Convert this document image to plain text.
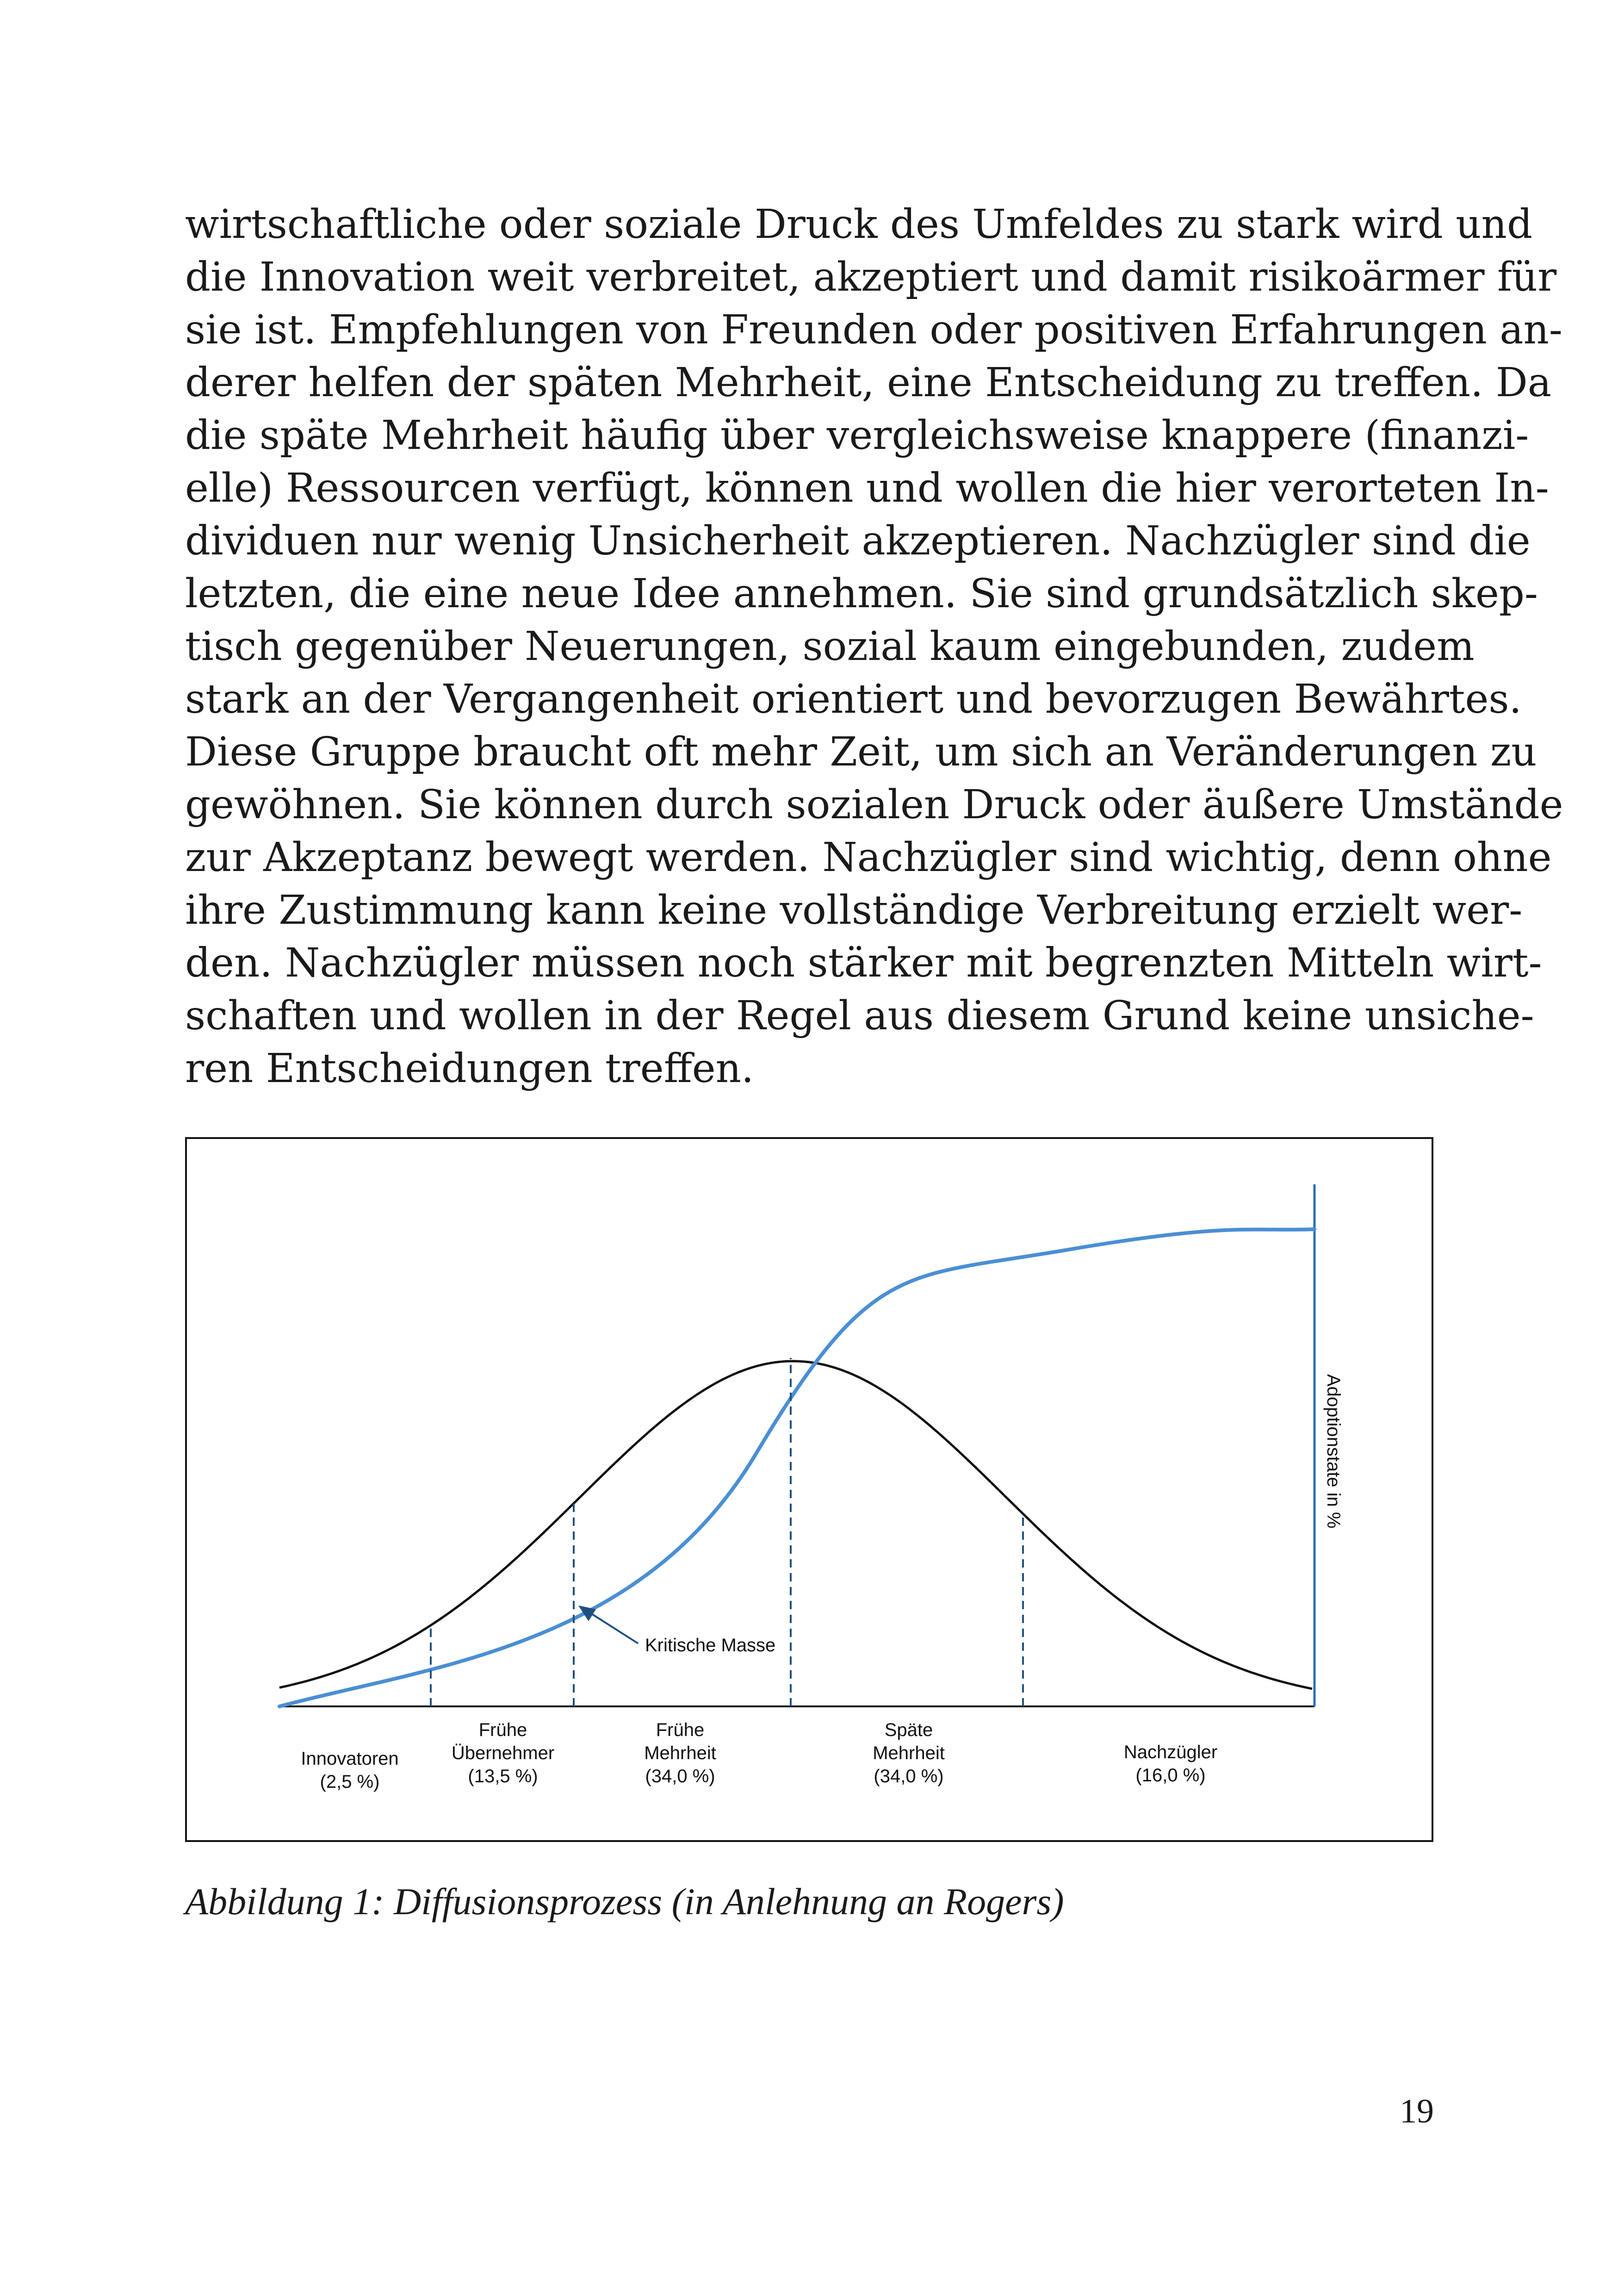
wirtschaftliche oder soziale Druck des Umfeldes zu stark wird und
die Innovation weit verbreitet, akzeptiert und damit risikoärmer für
sie ist. Empfehlungen von Freunden oder positiven Erfahrungen an-
derer helfen der späten Mehrheit, eine Entscheidung zu treffen. Da
die späte Mehrheit häufig über vergleichsweise knappere (finanzi-
elle) Ressourcen verfügt, können und wollen die hier verorteten In-
dividuen nur wenig Unsicherheit akzeptieren. Nachzügler sind die
letzten, die eine neue Idee annehmen. Sie sind grundsätzlich skep-
tisch gegenüber Neuerungen, sozial kaum eingebunden, zudem
stark an der Vergangenheit orientiert und bevorzugen Bewährtes.
Diese Gruppe braucht oft mehr Zeit, um sich an Veränderungen zu
gewöhnen. Sie können durch sozialen Druck oder äußere Umstände
zur Akzeptanz bewegt werden. Nachzügler sind wichtig, denn ohne
ihre Zustimmung kann keine vollständige Verbreitung erzielt wer-
den. Nachzügler müssen noch stärker mit begrenzten Mitteln wirt-
schaften und wollen in der Regel aus diesem Grund keine unsiche-
ren Entscheidungen treffen.
Kritische Masse
Adoptionstate in %
Innovatoren (2,5 %)
Frühe Übernehmer (13,5 %)
Frühe Mehrheit (34,0 %)
Späte Mehrheit (34,0 %)
Nachzügler (16,0 %)
Abbildung 1: Diffusionsprozess (in Anlehnung an Rogers)
19
